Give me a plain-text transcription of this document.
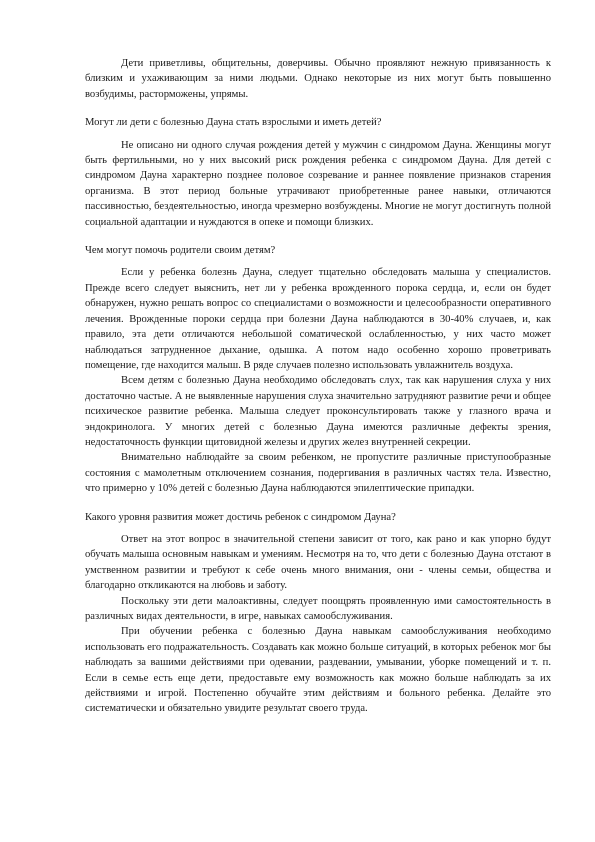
Дети приветливы, общительны, доверчивы. Обычно проявляют нежную привязанность к близким и ухаживающим за ними людьми. Однако некоторые из них могут быть повышенно возбудимы, расторможены, упрямы.

Могут ли дети с болезнью Дауна стать взрослыми и иметь детей?

Не описано ни одного случая рождения детей у мужчин с синдромом Дауна. Женщины могут быть фертильными, но у них высокий риск рождения ребенка с синдромом Дауна. Для детей с синдромом Дауна характерно позднее половое созревание и раннее появление признаков старения организма. В этот период больные утрачивают приобретенные ранее навыки, отличаются пассивностью, бездеятельностью, иногда чрезмерно возбуждены. Многие не могут достигнуть полной социальной адаптации и нуждаются в опеке и помощи близких.

Чем могут помочь родители своим детям?

Если у ребенка болезнь Дауна, следует тщательно обследовать малыша у специалистов. Прежде всего следует выяснить, нет ли у ребенка врожденного порока сердца, и, если он будет обнаружен, нужно решать вопрос со специалистами о возможности и целесообразности оперативного лечения. Врожденные пороки сердца при болезни Дауна наблюдаются в 30-40% случаев, и, как правило, эта дети отличаются небольшой соматической ослабленностью, у них часто может наблюдаться затрудненное дыхание, одышка. А потом надо особенно хорошо проветривать помещение, где находится малыш. В ряде случаев полезно использовать увлажнитель воздуха.

Всем детям с болезнью Дауна необходимо обследовать слух, так как нарушения слуха у них достаточно частые. А не выявленные нарушения слуха значительно затрудняют развитие речи и общее психическое развитие ребенка. Малыша следует проконсультировать также у глазного врача и эндокринолога. У многих детей с болезнью Дауна имеются различные дефекты зрения, недостаточность функции щитовидной железы и других желез внутренней секреции.

Внимательно наблюдайте за своим ребенком, не пропустите различные приступообразные состояния с мамолетным отключением сознания, подергивания в различных частях тела. Известно, что примерно у 10% детей с болезнью Дауна наблюдаются эпилептические припадки.

Какого уровня развития может достичь ребенок с синдромом Дауна?

Ответ на этот вопрос в значительной степени зависит от того, как рано и как упорно будут обучать малыша основным навыкам и умениям. Несмотря на то, что дети с болезнью Дауна отстают в умственном развитии и требуют к себе очень много внимания, они - члены семьи, общества и благодарно откликаются на любовь и заботу.

Поскольку эти дети малоактивны, следует поощрять проявленную ими самостоятельность в различных видах деятельности, в игре, навыках самообслуживания.

При обучении ребенка с болезнью Дауна навыкам самообслуживания необходимо использовать его подражательность. Создавать как можно больше ситуаций, в которых ребенок мог бы наблюдать за вашими действиями при одевании, раздевании, умывании, уборке помещений и т. п. Если в семье есть еще дети, предоставьте ему возможность как можно больше наблюдать за их действиями и игрой. Постепенно обучайте этим действиям и больного ребенка. Делайте это систематически и обязательно увидите результат своего труда.
